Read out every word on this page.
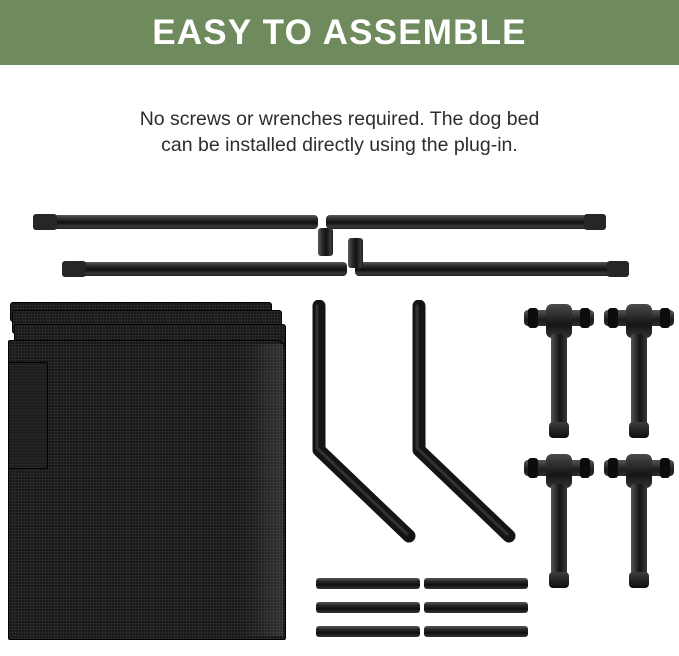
EASY TO ASSEMBLE
No screws or wrenches required. The dog bed
can be installed directly using the plug-in.
